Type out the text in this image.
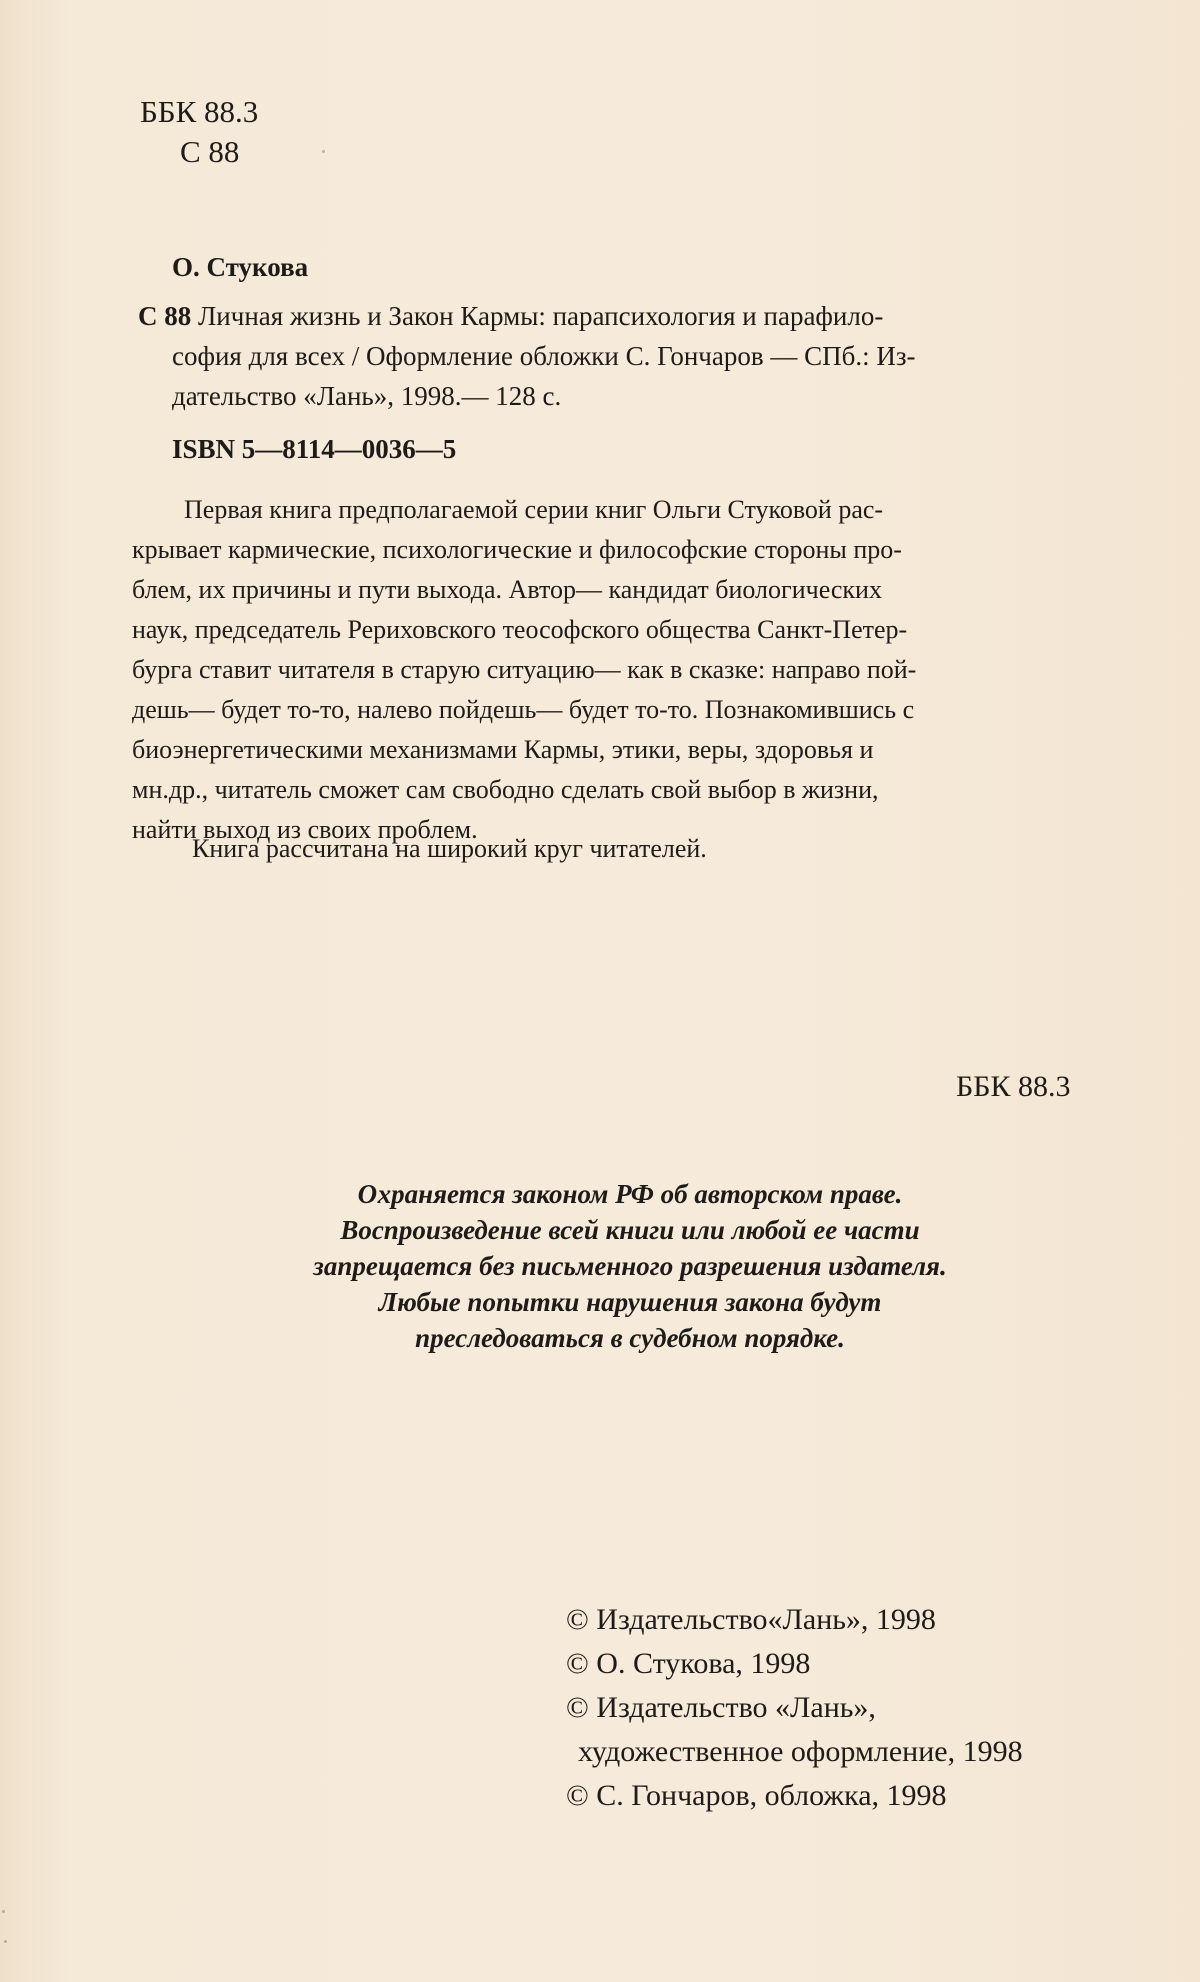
ББК 88.3
С 88
О. Стукова
С 88 Личная жизнь и Закон Кармы: парапсихология и парафило-
софия для всех / Оформление обложки С. Гончаров — СПб.: Из-
дательство «Лань», 1998.— 128 с.
ISBN 5—8114—0036—5
Первая книга предполагаемой серии книг Ольги Стуковой рас-
крывает кармические, психологические и философские стороны про-
блем, их причины и пути выхода. Автор— кандидат биологических
наук, председатель Рериховского теософского общества Санкт-Петер-
бурга ставит читателя в старую ситуацию— как в сказке: направо пой-
дешь— будет то-то, налево пойдешь— будет то-то. Познакомившись с
биоэнергетическими механизмами Кармы, этики, веры, здоровья и
мн.др., читатель сможет сам свободно сделать свой выбор в жизни,
найти выход из своих проблем.
Книга рассчитана на широкий круг читателей.
ББК 88.3
Охраняется законом РФ об авторском праве.
Воспроизведение всей книги или любой ее части
запрещается без письменного разрешения издателя.
Любые попытки нарушения закона будут
преследоваться в судебном порядке.
© Издательство«Лань», 1998
© О. Стукова, 1998
© Издательство «Лань»,
художественное оформление, 1998
© С. Гончаров, обложка, 1998
